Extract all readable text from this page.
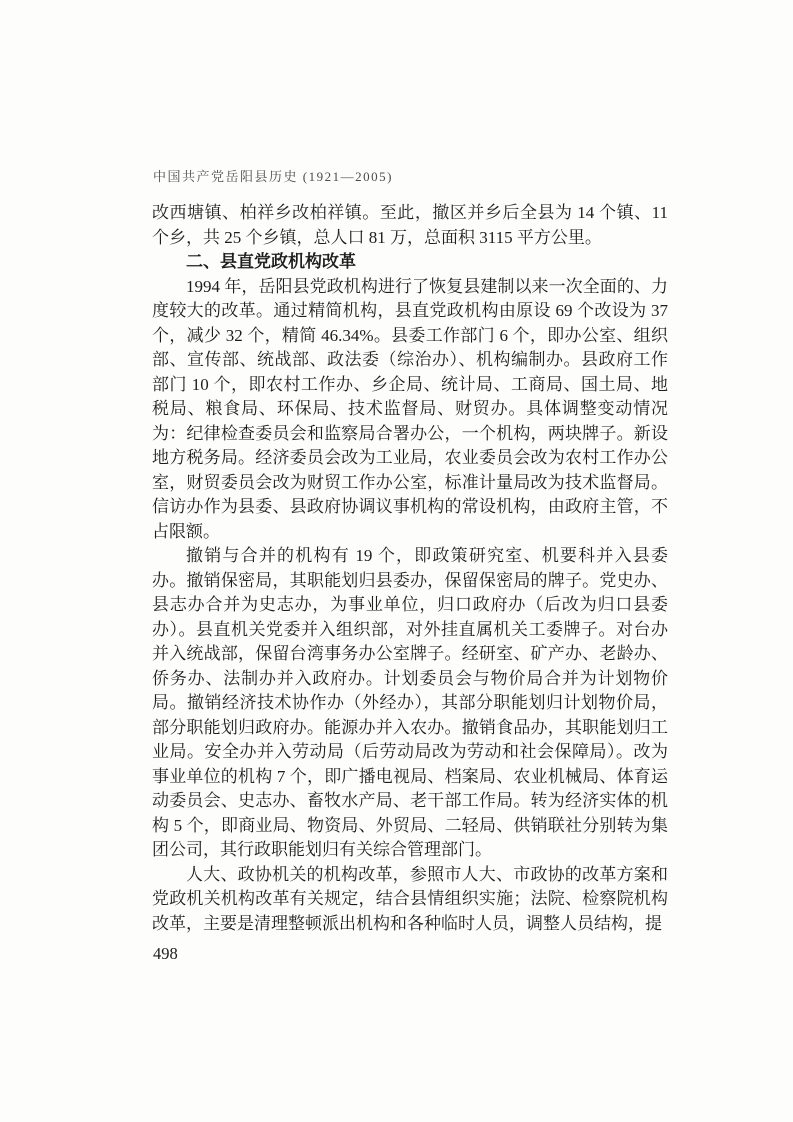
中国共产党岳阳县历史 (1921—2005)

改西塘镇、柏祥乡改柏祥镇。至此，撤区并乡后全县为 14 个镇、11 个乡，共 25 个乡镇，总人口 81 万，总面积 3115 平方公里。

二、县直党政机构改革

1994 年，岳阳县党政机构进行了恢复县建制以来一次全面的、力度较大的改革。通过精简机构，县直党政机构由原设 69 个改设为 37 个，减少 32 个，精简 46.34%。县委工作部门 6 个，即办公室、组织部、宣传部、统战部、政法委（综治办）、机构编制办。县政府工作部门 10 个，即农村工作办、乡企局、统计局、工商局、国土局、地税局、粮食局、环保局、技术监督局、财贸办。具体调整变动情况为：纪律检查委员会和监察局合署办公，一个机构，两块牌子。新设地方税务局。经济委员会改为工业局，农业委员会改为农村工作办公室，财贸委员会改为财贸工作办公室，标准计量局改为技术监督局。信访办作为县委、县政府协调议事机构的常设机构，由政府主管，不占限额。

撤销与合并的机构有 19 个，即政策研究室、机要科并入县委办。撤销保密局，其职能划归县委办，保留保密局的牌子。党史办、县志办合并为史志办，为事业单位，归口政府办（后改为归口县委办）。县直机关党委并入组织部，对外挂直属机关工委牌子。对台办并入统战部，保留台湾事务办公室牌子。经研室、矿产办、老龄办、侨务办、法制办并入政府办。计划委员会与物价局合并为计划物价局。撤销经济技术协作办（外经办），其部分职能划归计划物价局，部分职能划归政府办。能源办并入农办。撤销食品办，其职能划归工业局。安全办并入劳动局（后劳动局改为劳动和社会保障局）。改为事业单位的机构 7 个，即广播电视局、档案局、农业机械局、体育运动委员会、史志办、畜牧水产局、老干部工作局。转为经济实体的机构 5 个，即商业局、物资局、外贸局、二轻局、供销联社分别转为集团公司，其行政职能划归有关综合管理部门。

人大、政协机关的机构改革，参照市人大、市政协的改革方案和党政机关机构改革有关规定，结合县情组织实施；法院、检察院机构改革，主要是清理整顿派出机构和各种临时人员，调整人员结构，提

498
